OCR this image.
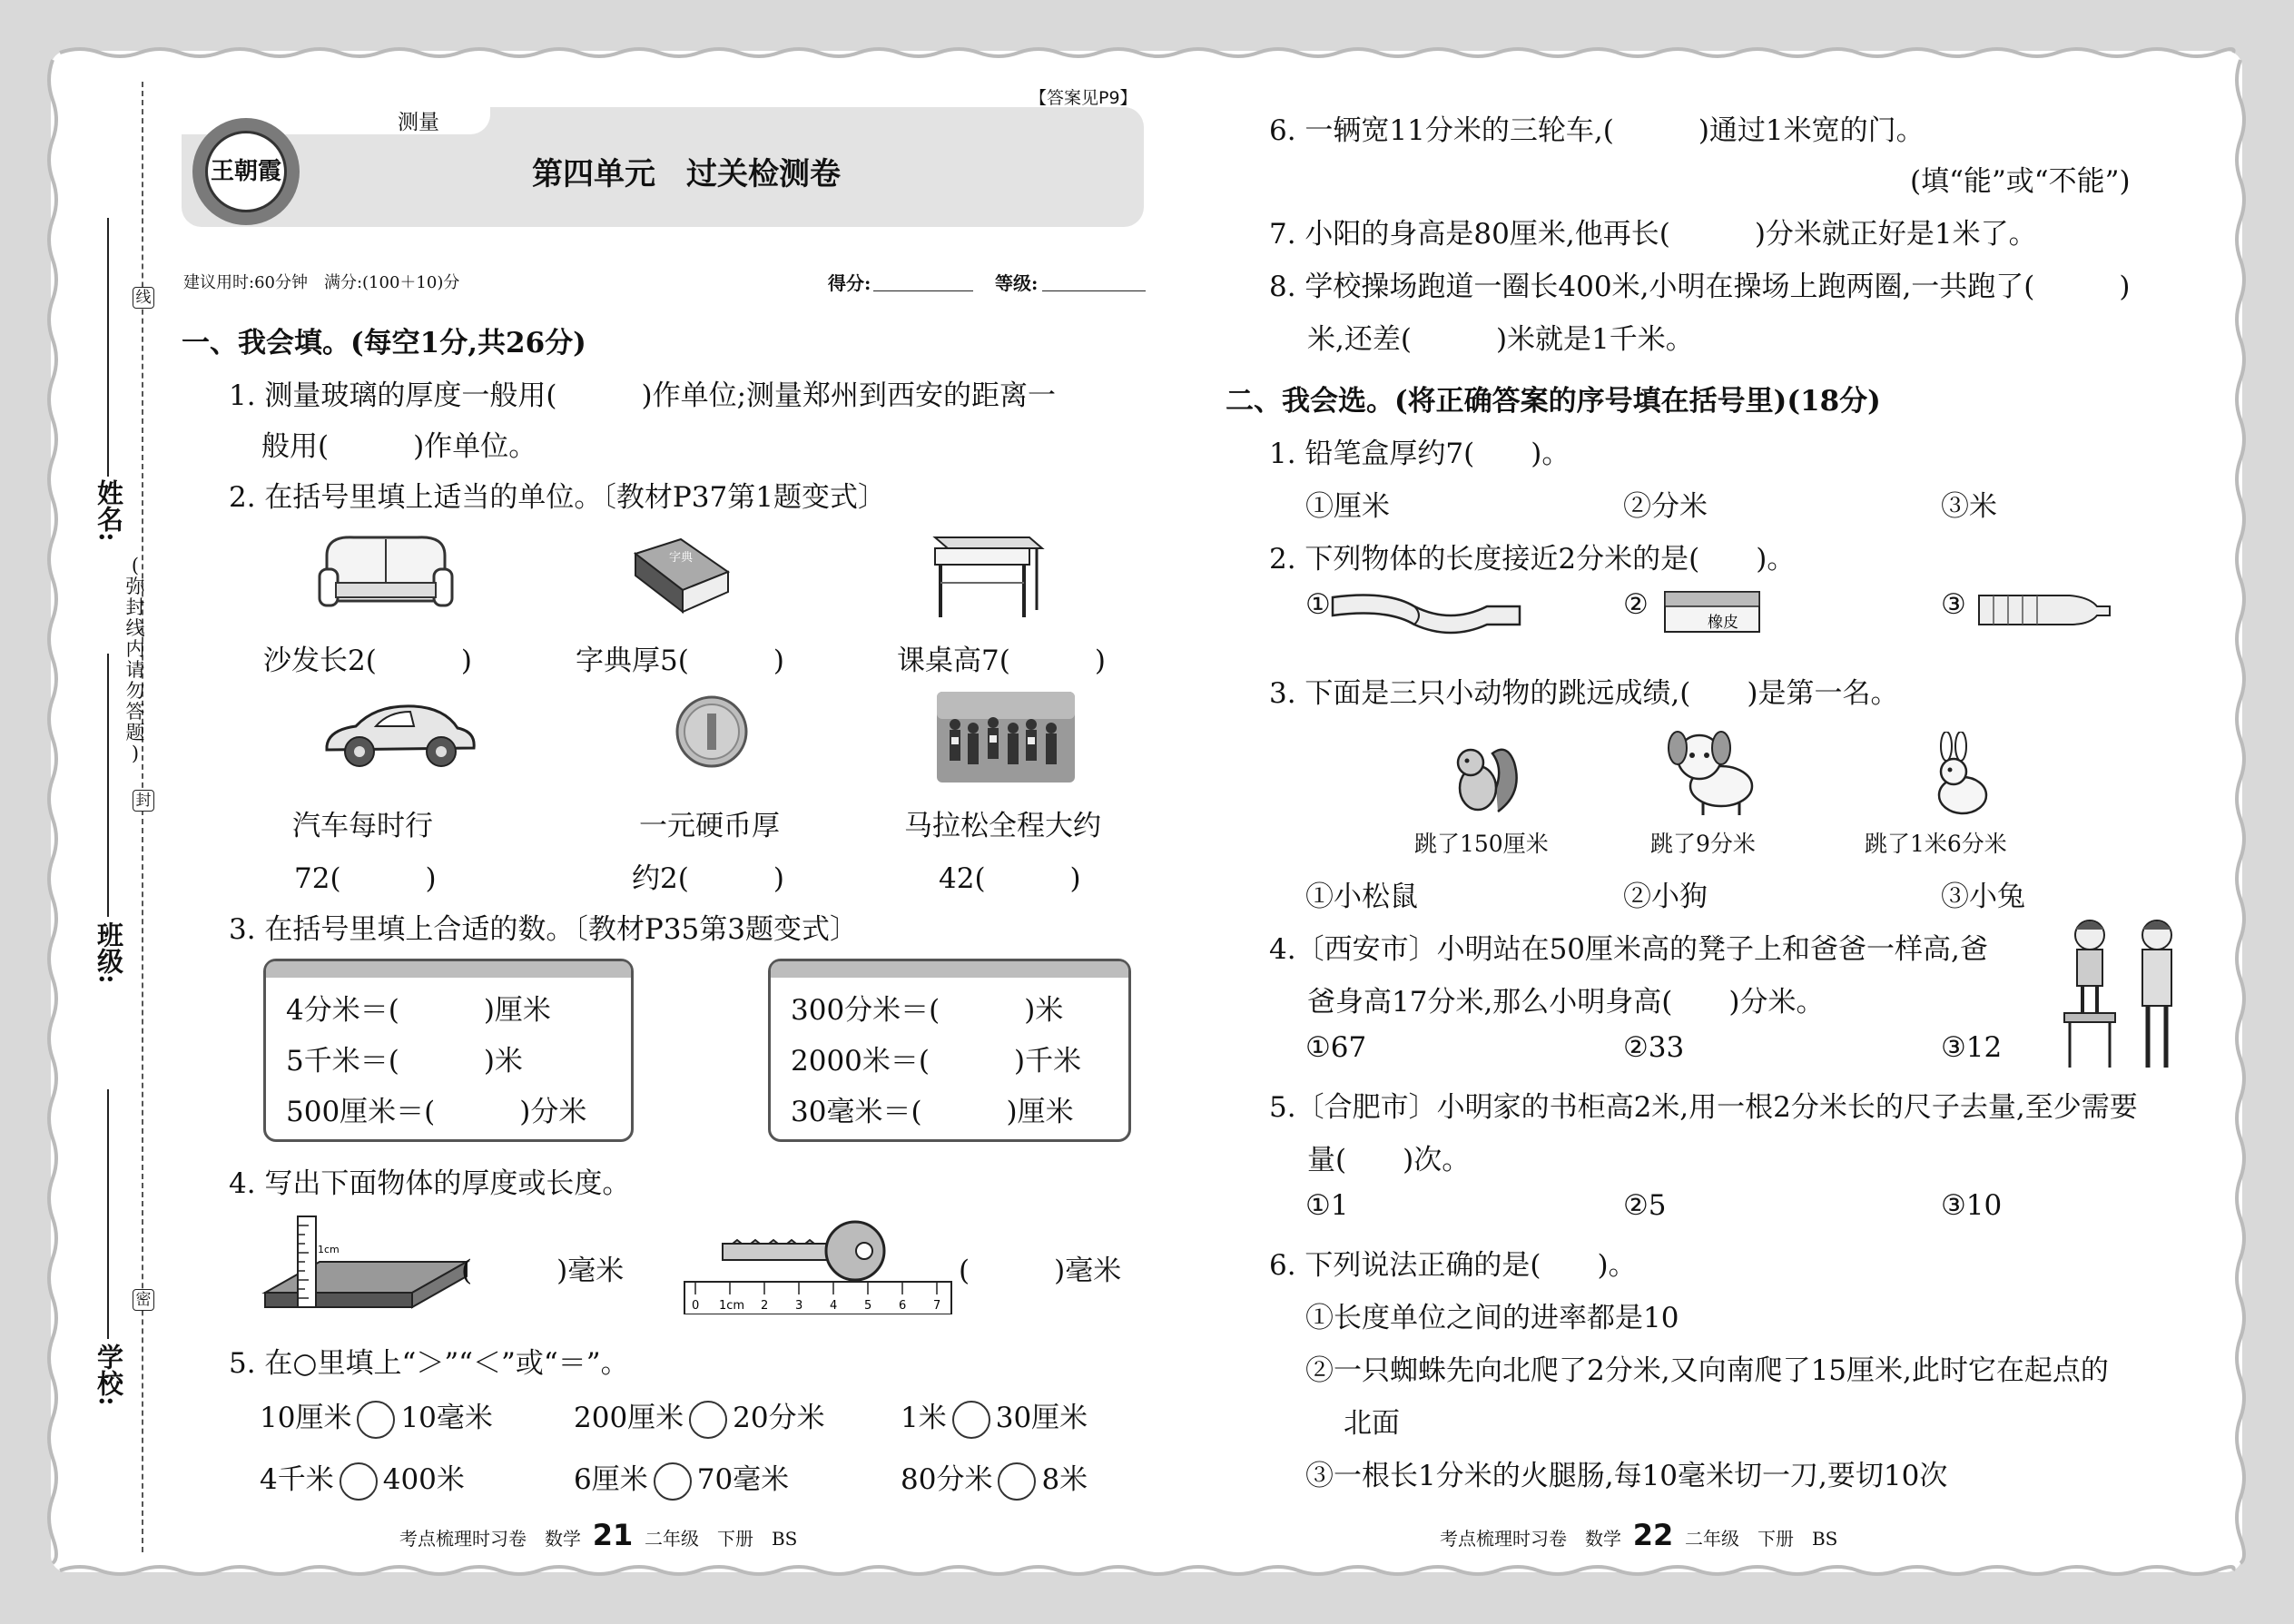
线
封
密
(
弥
封
线
内
请
勿
答
题
)
姓名:
班级:
学校:
王朝霞
测量
【答案见P9】
第四单元　过关检测卷
建议用时:60分钟　满分:(100＋10)分	得分:	等级:
一、我会填。(每空1分,共26分)
1. 测量玻璃的厚度一般用(　　　)作单位;测量郑州到西安的距离一
般用(　　　)作单位。
2. 在括号里填上适当的单位。〔教材P37第1题变式〕
字典
沙发长2(　　　)	字典厚5(　　　)	课桌高7(　　　)
汽车每时行	一元硬币厚	马拉松全程大约
72(　　　)	约2(　　　)	42(　　　)
3. 在括号里填上合适的数。〔教材P35第3题变式〕
4分米＝(　　　)厘米
5千米＝(　　　)米
500厘米＝(　　　)分米
300分米＝(　　　)米
2000米＝(　　　)千米
30毫米＝(　　　)厘米
4. 写出下面物体的厚度或长度。
1cm
(　　　)毫米
0 1cm 2 3 4 5 6 7
(　　　)毫米
5. 在○里填上“＞”“＜”或“＝”。
10厘米 10毫米	200厘米 20分米	1米 30厘米
4千米 400米	6厘米 70毫米	80分米 8米
6. 一辆宽11分米的三轮车,(　　　)通过1米宽的门。
(填“能”或“不能”)
7. 小阳的身高是80厘米,他再长(　　　)分米就正好是1米了。
8. 学校操场跑道一圈长400米,小明在操场上跑两圈,一共跑了(　　　)
米,还差(　　　)米就是1千米。
二、我会选。(将正确答案的序号填在括号里)(18分)
1. 铅笔盒厚约7(　　)。
①厘米	②分米	③米
2. 下列物体的长度接近2分米的是(　　)。
①	②
橡皮
③
3. 下面是三只小动物的跳远成绩,(　　)是第一名。
跳了150厘米	跳了9分米	跳了1米6分米
①小松鼠	②小狗	③小兔
4.〔西安市〕小明站在50厘米高的凳子上和爸爸一样高,爸
爸身高17分米,那么小明身高(　　)分米。
①67	②33	③12
5.〔合肥市〕小明家的书柜高2米,用一根2分米长的尺子去量,至少需要
量(　　)次。
①1	②5	③10
6. 下列说法正确的是(　　)。
①长度单位之间的进率都是10
②一只蜘蛛先向北爬了2分米,又向南爬了15厘米,此时它在起点的
北面
③一根长1分米的火腿肠,每10毫米切一刀,要切10次
考点梳理时习卷　数学 21 二年级　下册　BS	考点梳理时习卷　数学 22 二年级　下册　BS
